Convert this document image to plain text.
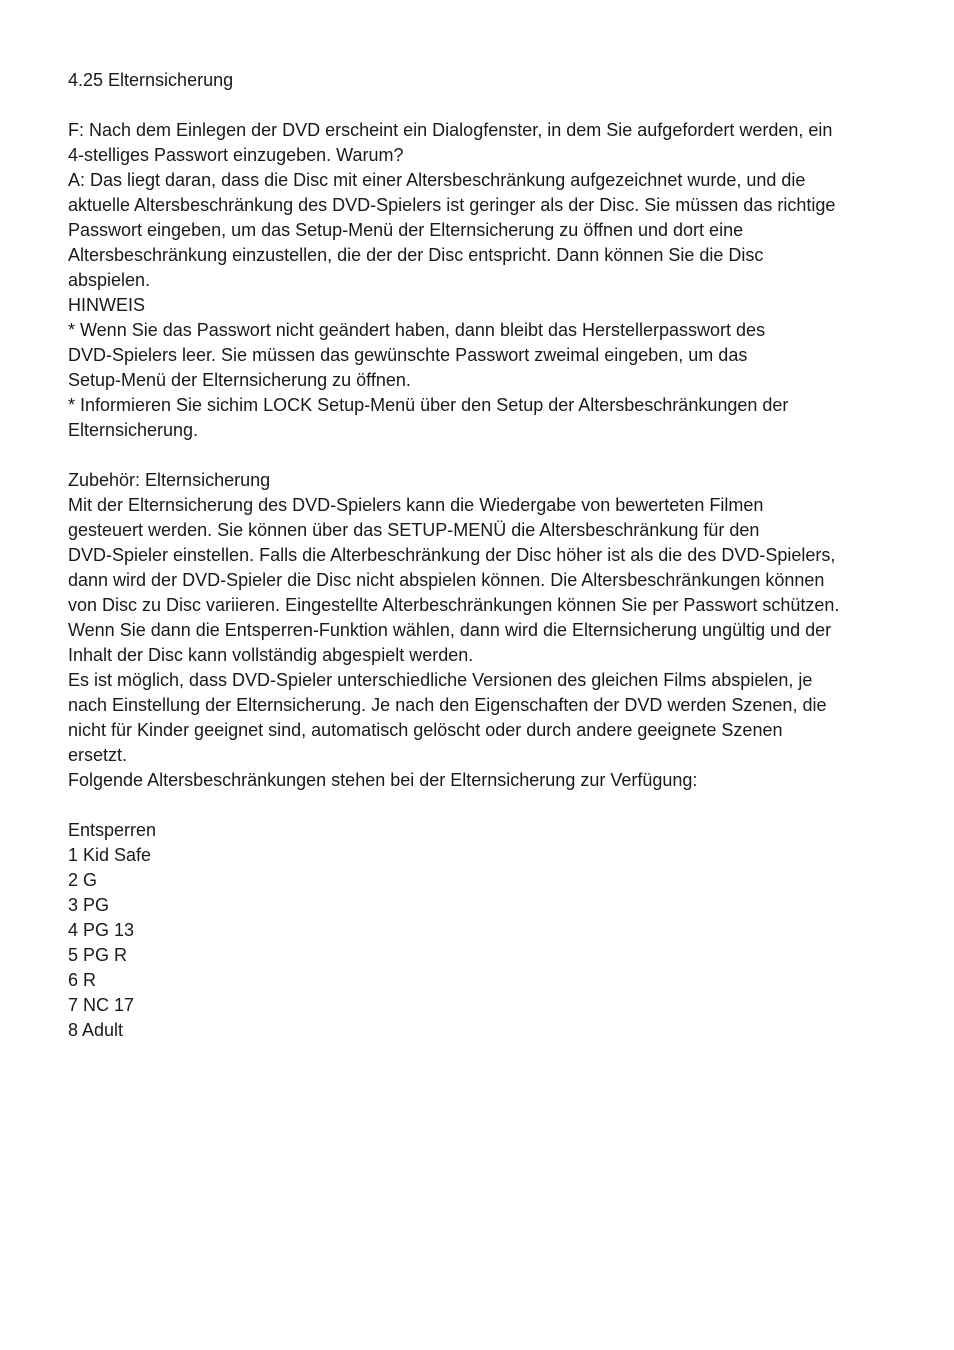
4.25 Elternsicherung
F: Nach dem Einlegen der DVD erscheint ein Dialogfenster, in dem Sie aufgefordert werden, ein
4-stelliges Passwort einzugeben. Warum?
A: Das liegt daran, dass die Disc mit einer Altersbeschränkung aufgezeichnet wurde, und die
aktuelle Altersbeschränkung des DVD-Spielers ist geringer als der Disc. Sie müssen das richtige
Passwort eingeben, um das Setup-Menü der Elternsicherung zu öffnen und dort eine
Altersbeschränkung einzustellen, die der der Disc entspricht. Dann können Sie die Disc
abspielen.
HINWEIS
* Wenn Sie das Passwort nicht geändert haben, dann bleibt das Herstellerpasswort des
DVD-Spielers leer. Sie müssen das gewünschte Passwort zweimal eingeben, um das
Setup-Menü der Elternsicherung zu öffnen.
* Informieren Sie sichim LOCK Setup-Menü über den Setup der Altersbeschränkungen der
Elternsicherung.
Zubehör: Elternsicherung
Mit der Elternsicherung des DVD-Spielers kann die Wiedergabe von bewerteten Filmen
gesteuert werden. Sie können über das SETUP-MENÜ die Altersbeschränkung für den
DVD-Spieler einstellen. Falls die Alterbeschränkung der Disc höher ist als die des DVD-Spielers,
dann wird der DVD-Spieler die Disc nicht abspielen können. Die Altersbeschränkungen können
von Disc zu Disc variieren. Eingestellte Alterbeschränkungen können Sie per Passwort schützen.
Wenn Sie dann die Entsperren-Funktion wählen, dann wird die Elternsicherung ungültig und der
Inhalt der Disc kann vollständig abgespielt werden.
Es ist möglich, dass DVD-Spieler unterschiedliche Versionen des gleichen Films abspielen, je
nach Einstellung der Elternsicherung. Je nach den Eigenschaften der DVD werden Szenen, die
nicht für Kinder geeignet sind, automatisch gelöscht oder durch andere geeignete Szenen
ersetzt.
Folgende Altersbeschränkungen stehen bei der Elternsicherung zur Verfügung:
Entsperren
1 Kid Safe
2 G
3 PG
4 PG 13
5 PG R
6 R
7 NC 17
8 Adult
